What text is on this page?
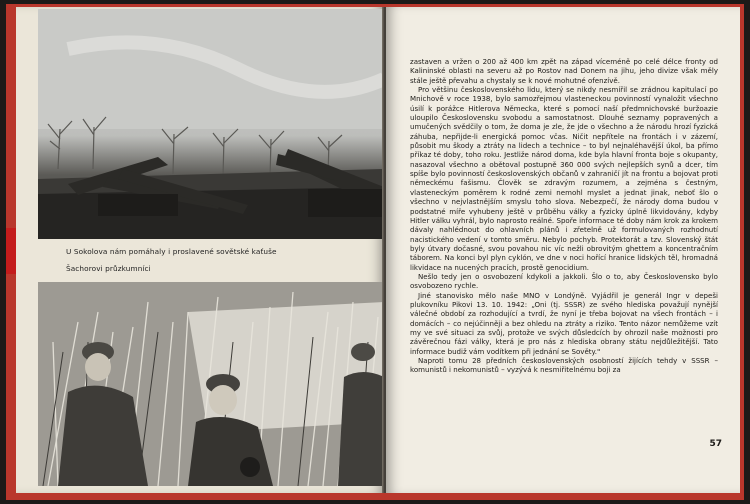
U Sokolova nám pomáhaly i proslavené sovětské kaťuše
Šachorovi průzkumníci

zastaven a vržen o 200 až 400 km zpět na západ víceméně po celé délce fronty od Kalininské oblasti na severu až po Rostov nad Donem na jihu, jeho divize však měly stále ještě převahu a chystaly se k nové mohutné ofenzívě.

Pro většinu československého lidu, který se nikdy nesmířil se zrádnou kapitulací po Mnichově v roce 1938, bylo samozřejmou vlasteneckou povinností vynaložit všechno úsilí k porážce Hitlerova Německa, které s pomocí naší předmnichovské buržoazie uloupilo Československu svobodu a samostatnost. Dlouhé seznamy popravených a umučených svědčily o tom, že doma je zle, že jde o všechno a že národu hrozí fyzická záhuba, nepřijde-li energická pomoc včas. Ničit nepřítele na frontách i v zázemí, působit mu škody a ztráty na lidech a technice – to byl nejnaléhavější úkol, ba přímo příkaz té doby, toho roku. Jestliže národ doma, kde byla hlavní fronta boje s okupanty, nasazoval všechno a obětoval postupně 360 000 svých nejlepších synů a dcer, tím spíše bylo povinností československých občanů v zahraničí jít na frontu a bojovat proti německému fašismu. Člověk se zdravým rozumem, a zejména s čestným, vlasteneckým poměrem k rodné zemi nemohl myslet a jednat jinak, neboť šlo o všechno v nejvlastnějším smyslu toho slova. Nebezpečí, že národy doma budou v podstatné míře vyhubeny ještě v průběhu války a fyzicky úplně likvidovány, kdyby Hitler válku vyhrál, bylo naprosto reálné. Spoře informace té doby nám krok za krokem dávaly nahlédnout do ohlavních plánů i zřetelně už formulovaných rozhodnutí nacistického vedení v tomto směru. Nebylo pochyb. Protektorát a tzv. Slovenský štát byly útvary dočasné, svou povahou nic víc nežli obrovitým ghettem a koncentračním táborem. Na konci byl plyn cyklón, ve dne v noci hořící hranice lidských těl, hromadná likvidace na nucených pracích, prostě genocidium.

Nešlo tedy jen o osvobození kdykoli a jakkoli. Šlo o to, aby Československo bylo osvobozeno rychle.

Jiné stanovisko mělo naše MNO v Londýně. Vyjádřil je generál Ingr v depeši plukovníku Pikovi 13. 10. 1942: „Oni (tj. SSSR) ze svého hlediska považují nynější válečné období za rozhodující a tvrdí, že nyní je třeba bojovat na všech frontách – i domácích – co nejúčinněji a bez ohledu na ztráty a riziko. Tento názor nemůžeme vzít my ve své situaci za svůj, protože ve svých důsledcích by ohrozil naše možnosti pro závěrečnou fázi války, která je pro nás z hlediska obrany státu nejdůležitější. Tato informace budiž vám vodítkem při jednání se Sověty."

Naproti tomu 28 předních československých osobností žijících tehdy v SSSR – komunistů i nekomunistů – vyzývá k nesmiřitelnému boji za

57
